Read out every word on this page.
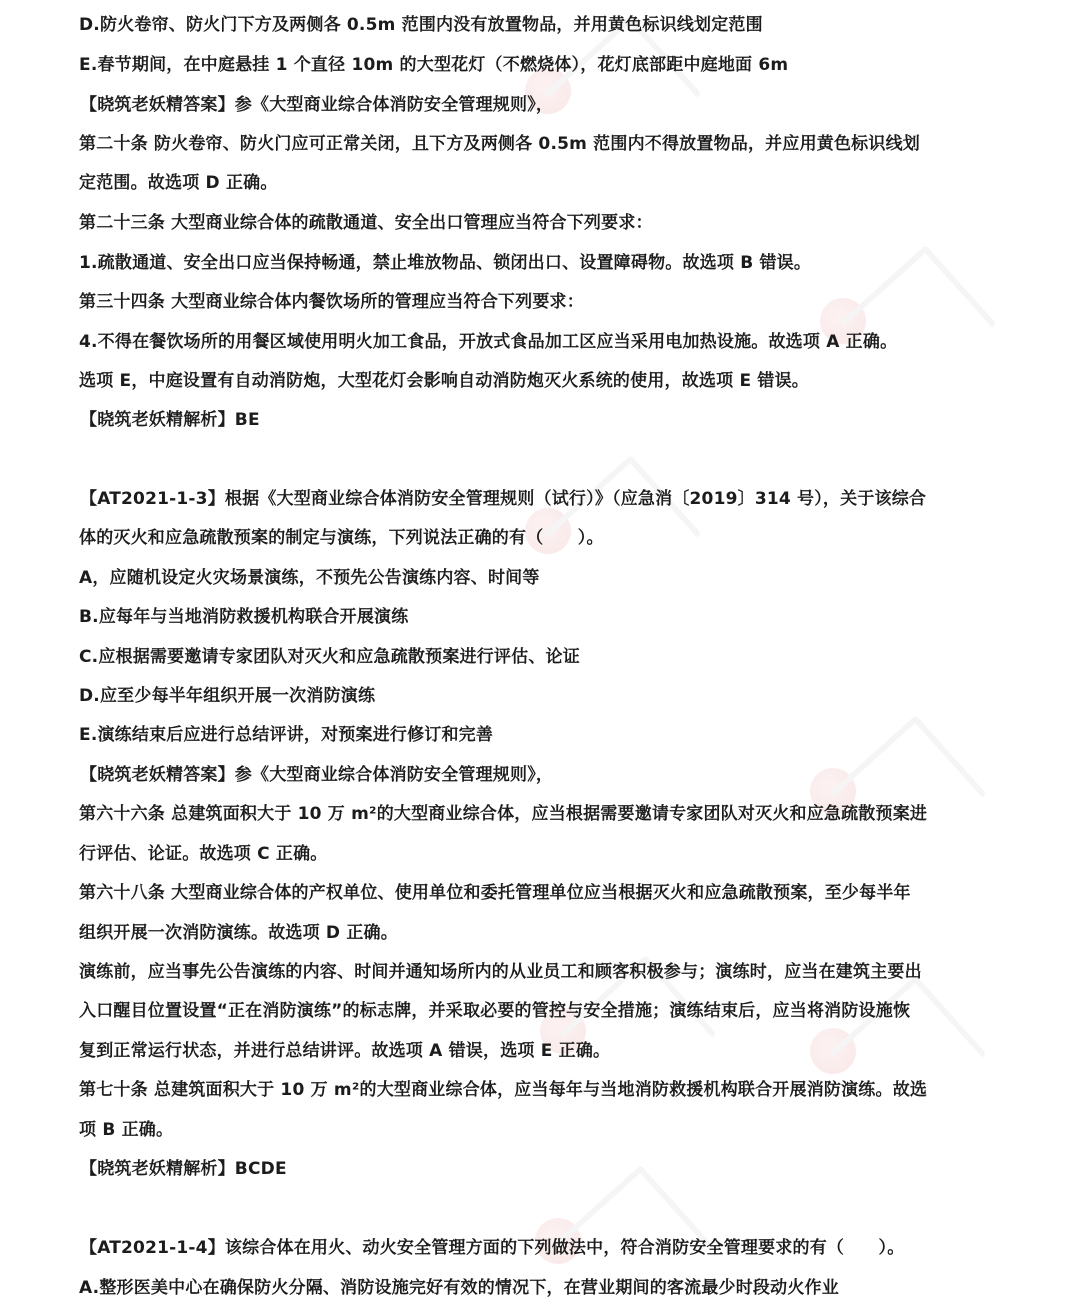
D.防火卷帘、防火门下方及两侧各 0.5m 范围内没有放置物品，并用黄色标识线划定范围
E.春节期间，在中庭悬挂 1 个直径 10m 的大型花灯（不燃烧体），花灯底部距中庭地面 6m
【晓筑老妖精答案】参《大型商业综合体消防安全管理规则》，
第二十条 防火卷帘、防火门应可正常关闭，且下方及两侧各 0.5m 范围内不得放置物品，并应用黄色标识线划
定范围。故选项 D 正确。
第二十三条 大型商业综合体的疏散通道、安全出口管理应当符合下列要求：
1.疏散通道、安全出口应当保持畅通，禁止堆放物品、锁闭出口、设置障碍物。故选项 B 错误。
第三十四条 大型商业综合体内餐饮场所的管理应当符合下列要求：
4.不得在餐饮场所的用餐区域使用明火加工食品，开放式食品加工区应当采用电加热设施。故选项 A 正确。
选项 E，中庭设置有自动消防炮，大型花灯会影响自动消防炮灭火系统的使用，故选项 E 错误。
【晓筑老妖精解析】BE
【AT2021-1-3】根据《大型商业综合体消防安全管理规则（试行）》（应急消〔2019〕314 号），关于该综合
体的灭火和应急疏散预案的制定与演练，下列说法正确的有（　　）。
A，应随机设定火灾场景演练，不预先公告演练内容、时间等
B.应每年与当地消防救援机构联合开展演练
C.应根据需要邀请专家团队对灭火和应急疏散预案进行评估、论证
D.应至少每半年组织开展一次消防演练
E.演练结束后应进行总结评讲，对预案进行修订和完善
【晓筑老妖精答案】参《大型商业综合体消防安全管理规则》，
第六十六条 总建筑面积大于 10 万 m²的大型商业综合体，应当根据需要邀请专家团队对灭火和应急疏散预案进
行评估、论证。故选项 C 正确。
第六十八条 大型商业综合体的产权单位、使用单位和委托管理单位应当根据灭火和应急疏散预案，至少每半年
组织开展一次消防演练。故选项 D 正确。
演练前，应当事先公告演练的内容、时间并通知场所内的从业员工和顾客积极参与；演练时，应当在建筑主要出
入口醒目位置设置“正在消防演练”的标志牌，并采取必要的管控与安全措施；演练结束后，应当将消防设施恢
复到正常运行状态，并进行总结讲评。故选项 A 错误，选项 E 正确。
第七十条 总建筑面积大于 10 万 m²的大型商业综合体，应当每年与当地消防救援机构联合开展消防演练。故选
项 B 正确。
【晓筑老妖精解析】BCDE
【AT2021-1-4】该综合体在用火、动火安全管理方面的下列做法中，符合消防安全管理要求的有（　　）。
A.整形医美中心在确保防火分隔、消防设施完好有效的情况下，在营业期间的客流最少时段动火作业
